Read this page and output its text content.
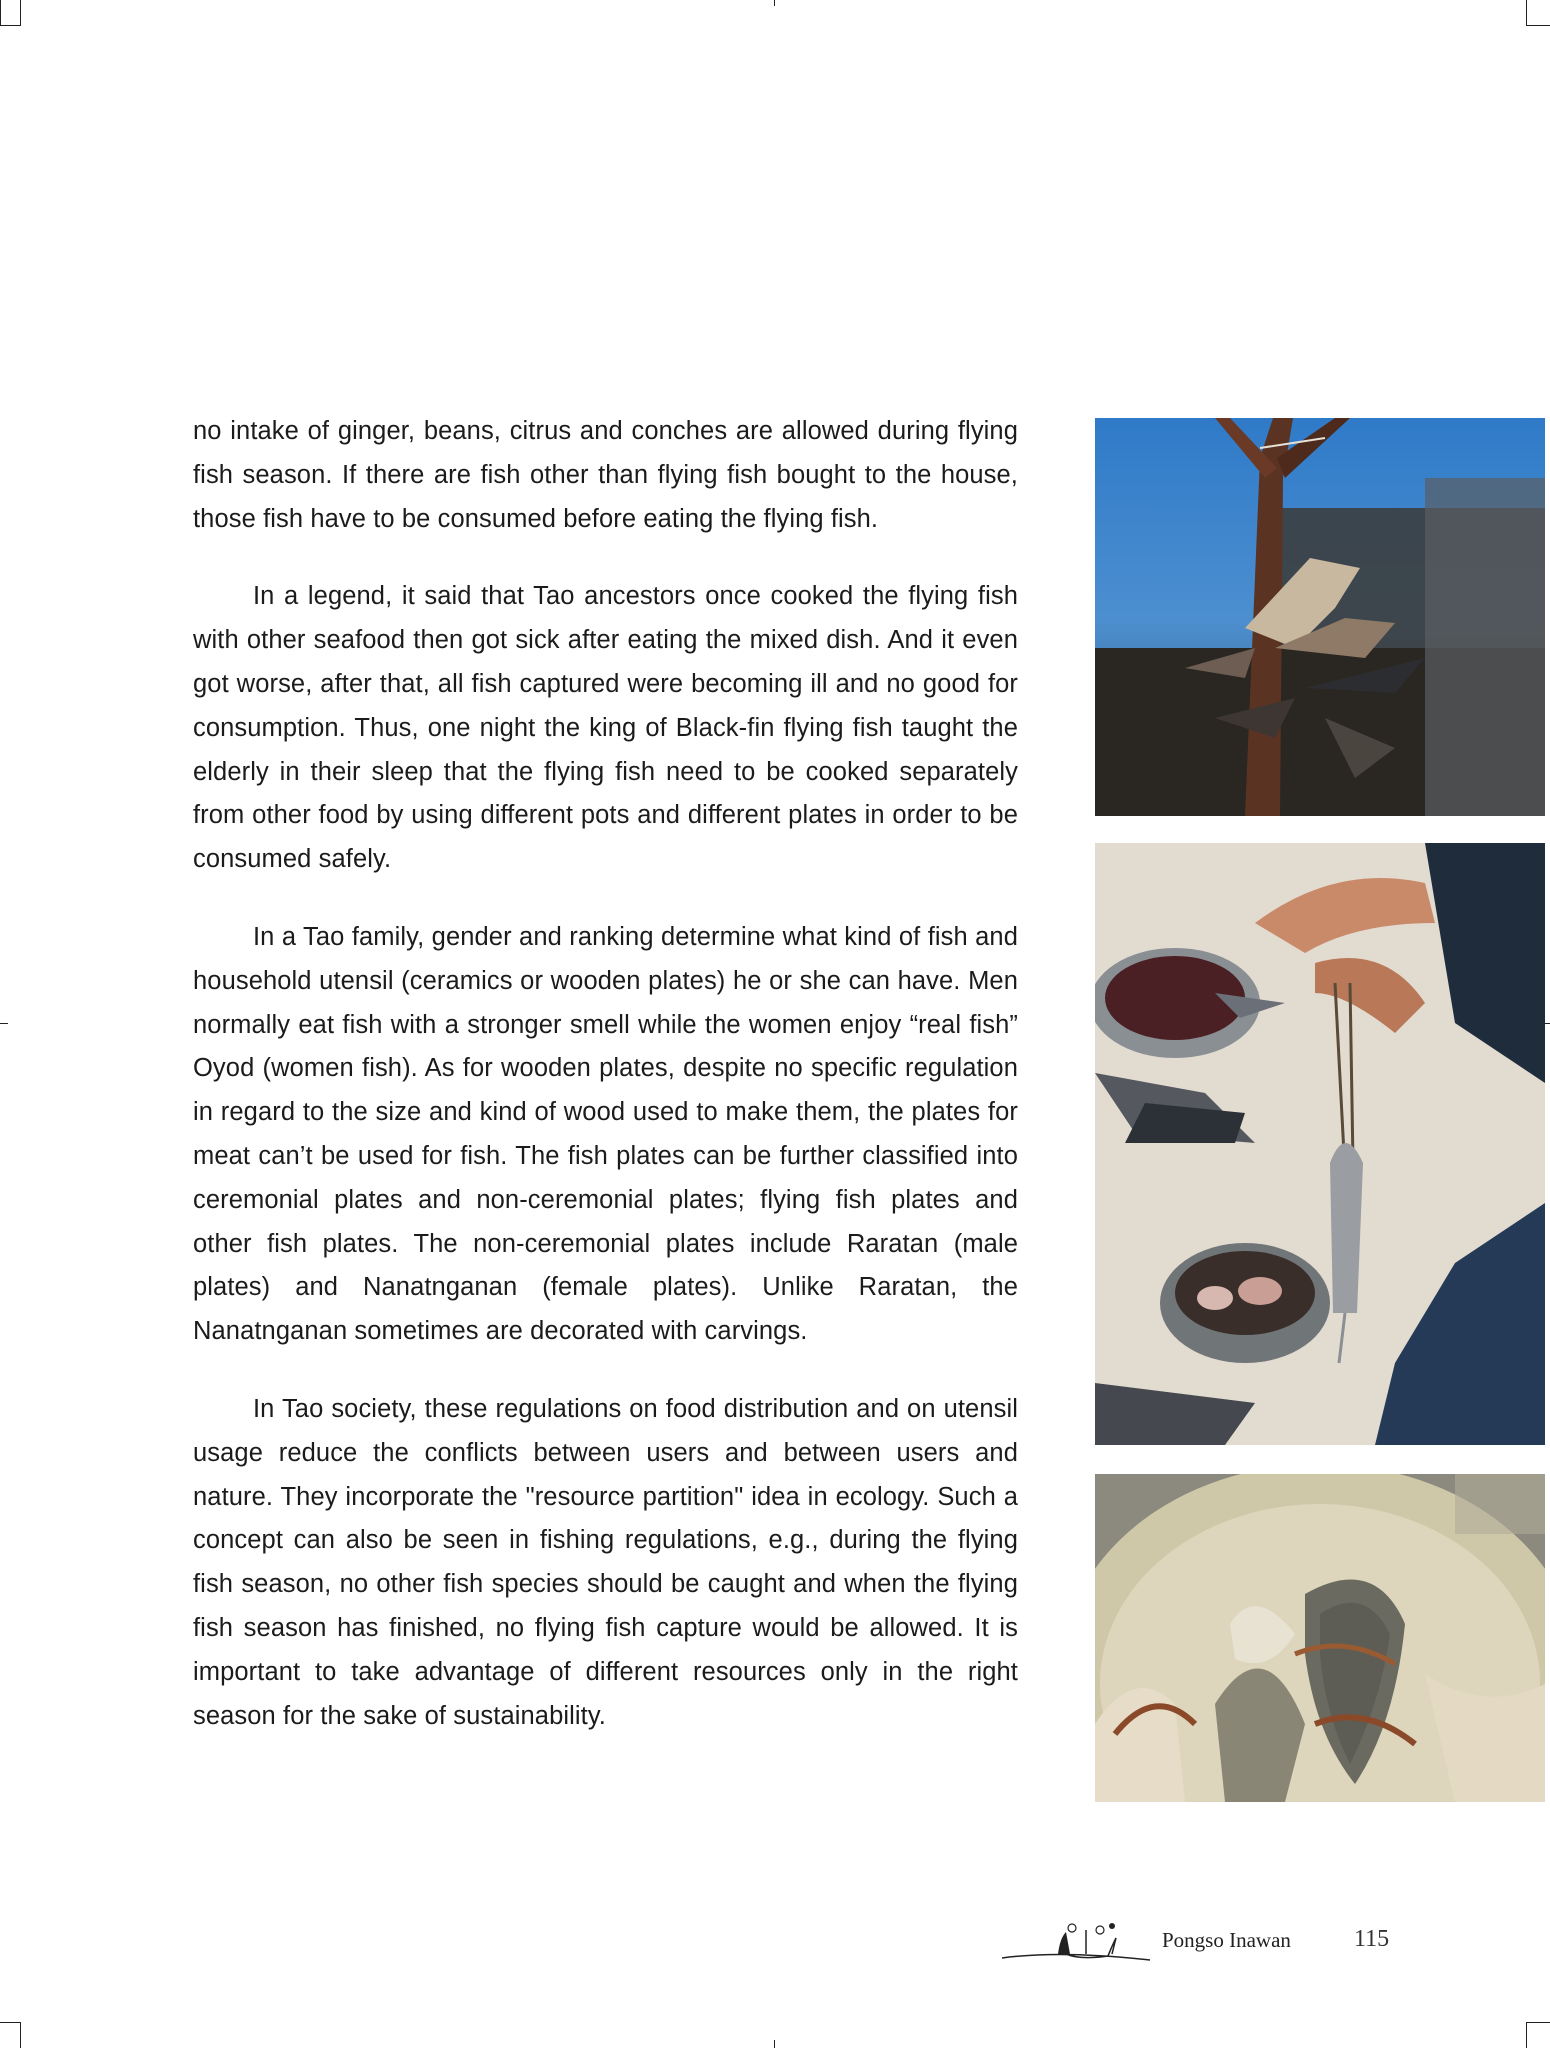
no intake of ginger, beans, citrus and conches are allowed during flying fish season. If there are fish other than flying fish bought to the house, those fish have to be consumed before eating the flying fish.

In a legend, it said that Tao ancestors once cooked the flying fish with other seafood then got sick after eating the mixed dish. And it even got worse, after that, all fish captured were becoming ill and no good for consumption. Thus, one night the king of Black-fin flying fish taught the elderly in their sleep that the flying fish need to be cooked separately from other food by using different pots and different plates in order to be consumed safely.

In a Tao family, gender and ranking determine what kind of fish and household utensil (ceramics or wooden plates) he or she can have. Men normally eat fish with a stronger smell while the women enjoy “real fish” Oyod (women fish). As for wooden plates, despite no specific regulation in regard to the size and kind of wood used to make them, the plates for meat can’t be used for fish. The fish plates can be further classified into ceremonial plates and non-ceremonial plates; flying fish plates and other fish plates. The non-ceremonial plates include Raratan (male plates) and Nanatnganan (female plates). Unlike Raratan, the Nanatnganan sometimes are decorated with carvings.

In Tao society, these regulations on food distribution and on utensil usage reduce the conflicts between users and between users and nature. They incorporate the "resource partition" idea in ecology. Such a concept can also be seen in fishing regulations, e.g., during the flying fish season, no other fish species should be caught and when the flying fish season has finished, no flying fish capture would be allowed. It is important to take advantage of different resources only in the right season for the sake of sustainability.

Pongso Inawan	115
